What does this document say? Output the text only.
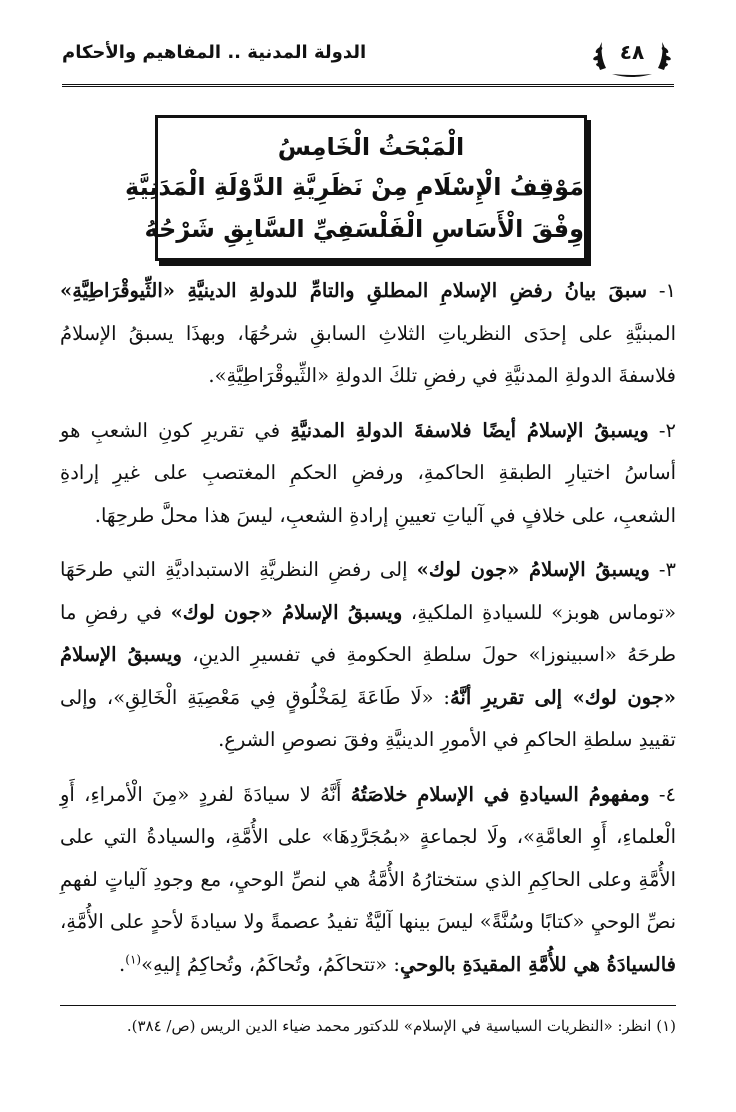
٤٨
الدولة المدنية .. المفاهيم والأحكام
الْمَبْحَثُ الْخَامِسُ
مَوْقِفُ الْإِسْلَامِ مِنْ نَظَرِيَّةِ الدَّوْلَةِ الْمَدَنِيَّةِ
وِفْقَ الْأَسَاسِ الْفَلْسَفِيِّ السَّابِقِ شَرْحُهُ

١- سبقَ بيانُ رفضِ الإسلامِ المطلقِ والتامِّ للدولةِ الدينيَّةِ «الثِّيوقْرَاطِيَّةِ» المبنيَّةِ على إحدَى النظرياتِ الثلاثِ السابقِ شرحُهَا، وبهذَا يسبقُ الإسلامُ فلاسفةَ الدولةِ المدنيَّةِ في رفضِ تلكَ الدولةِ «الثِّيوقْرَاطِيَّةِ».

٢- ويسبقُ الإسلامُ أيضًا فلاسفةَ الدولةِ المدنيَّةِ في تقريرِ كونِ الشعبِ هو أساسُ اختيارِ الطبقةِ الحاكمةِ، ورفضِ الحكمِ المغتصبِ على غيرِ إرادةِ الشعبِ، على خلافٍ في آلياتِ تعيينِ إرادةِ الشعبِ، ليسَ هذا محلَّ طرحِهَا.

٣- ويسبقُ الإسلامُ «جون لوك» إلى رفضِ النظريَّةِ الاستبداديَّةِ التي طرحَهَا «توماس هوبز» للسيادةِ الملكيةِ، ويسبقُ الإسلامُ «جون لوك» في رفضِ ما طرحَهُ «اسبينوزا» حولَ سلطةِ الحكومةِ في تفسيرِ الدينِ، ويسبقُ الإسلامُ «جون لوك» إلى تقريرِ أنَّهُ: «لَا طَاعَةَ لِمَخْلُوقٍ فِي مَعْصِيَةِ الْخَالِقِ»، وإلى تقييدِ سلطةِ الحاكمِ في الأمورِ الدينيَّةِ وفقَ نصوصِ الشرعِ.

٤- ومفهومُ السيادةِ في الإسلامِ خلاصَتُهُ أَنَّهُ لا سيادَةَ لفردٍ «مِنَ الْأمراءِ، أَوِ الْعلماءِ، أَوِ العامَّةِ»، ولَا لجماعةٍ «بمُجَرَّدِهَا» على الأُمَّةِ، والسيادةُ التي على الأُمَّةِ وعلى الحاكِمِ الذي ستختارُهُ الأُمَّةُ هي لنصِّ الوحيِ، مع وجودِ آلياتٍ لفهمِ نصِّ الوحيِ «كتابًا وسُنَّةً» ليسَ بينها آليَّةٌ تفيدُ عصمةً ولا سيادةَ لأحدٍ على الأُمَّةِ، فالسيادَةُ هي للأُمَّةِ المقيدَةِ بالوحيِ: «تتحاكَمُ، وتُحاكَمُ، وتُحاكِمُ إليهِ»$^{(١)}$.

(١) انظر: «النظريات السياسية في الإسلام» للدكتور محمد ضياء الدين الريس (ص/ ٣٨٤).
